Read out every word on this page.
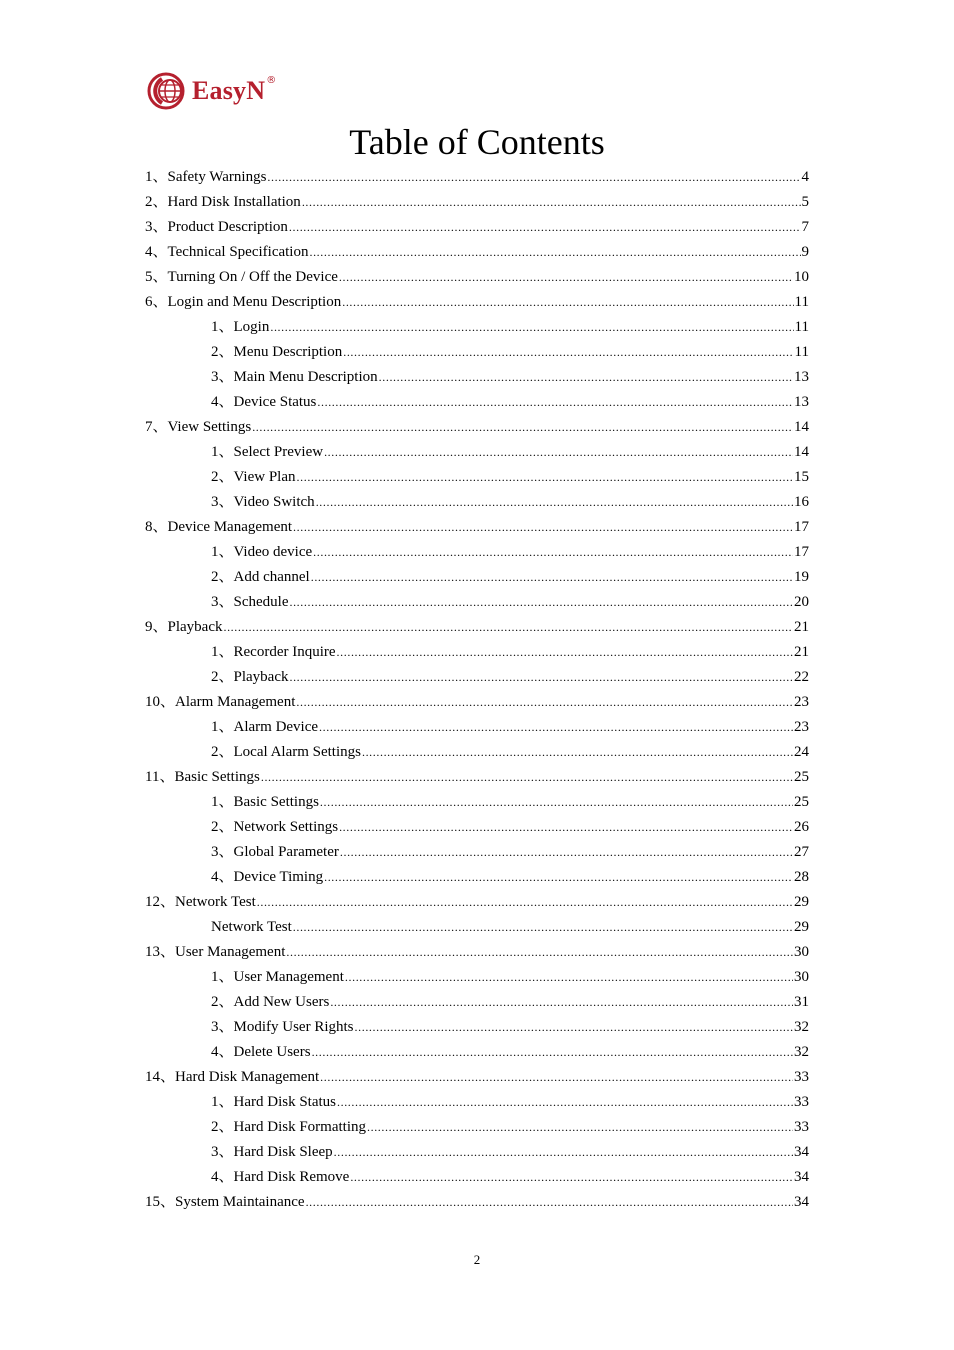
EasyN ®
Table of Contents
1、Safety Warnings .....	4
2、Hard Disk Installation .....	5
3、Product Description .....	7
4、Technical Specification .....	9
5、Turning On / Off the Device .....	10
6、Login and Menu Description .....	11
1、Login .....	11
2、Menu Description .....	11
3、Main Menu Description .....	13
4、Device Status .....	13
7、View Settings .....	14
1、Select Preview .....	14
2、View Plan .....	15
3、Video Switch .....	16
8、Device Management .....	17
1、Video device .....	17
2、Add channel .....	19
3、Schedule .....	20
9、Playback .....	21
1、Recorder Inquire .....	21
2、Playback .....	22
10、Alarm Management .....	23
1、Alarm Device .....	23
2、Local Alarm Settings .....	24
11、Basic Settings .....	25
1、Basic Settings .....	25
2、Network Settings .....	26
3、Global Parameter .....	27
4、Device Timing .....	28
12、Network Test .....	29
Network Test .....	29
13、User Management .....	30
1、User Management .....	30
2、Add New Users .....	31
3、Modify User Rights .....	32
4、Delete Users .....	32
14、Hard Disk Management .....	33
1、Hard Disk Status .....	33
2、Hard Disk Formatting .....	33
3、Hard Disk Sleep .....	34
4、Hard Disk Remove .....	34
15、System Maintainance .....	34
2
